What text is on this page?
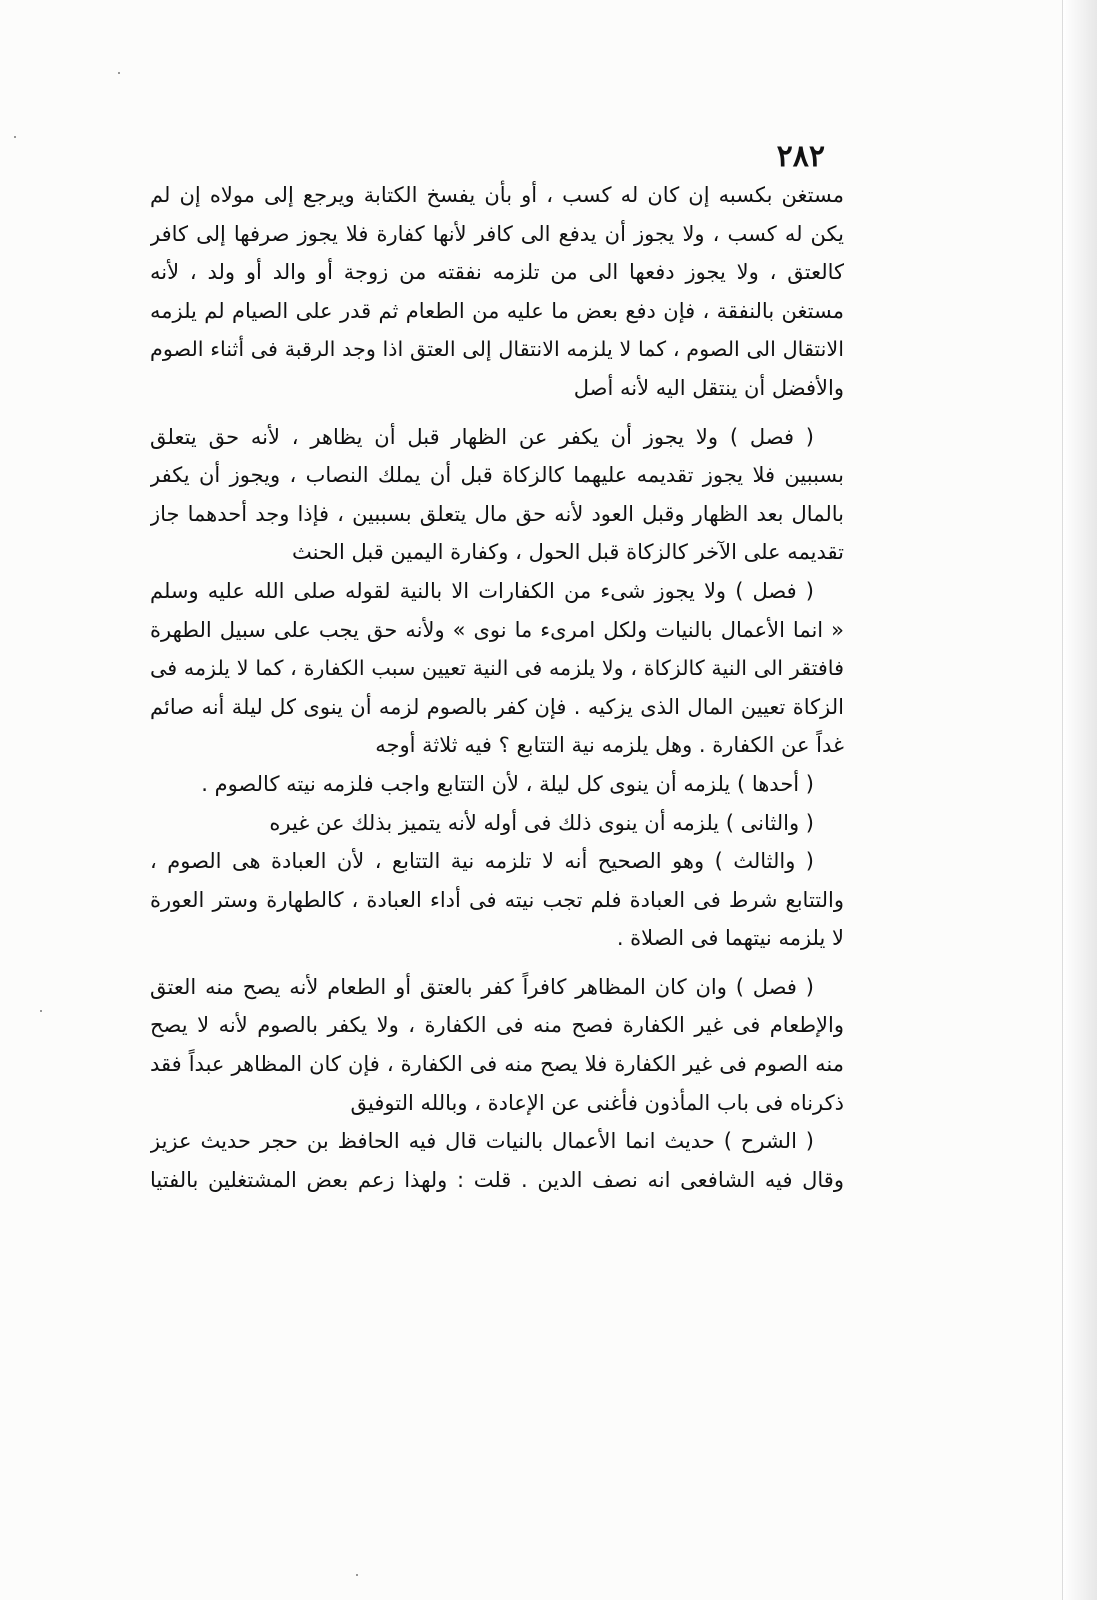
٢٨٢
مستغن بكسبه إن كان له كسب ، أو بأن يفسخ الكتابة ويرجع إلى مولاه إن لم
يكن له كسب ، ولا يجوز أن يدفع الى كافر لأنها كفارة فلا يجوز صرفها إلى كافر
كالعتق ، ولا يجوز دفعها الى من تلزمه نفقته من زوجة أو والد أو ولد ، لأنه
مستغن بالنفقة ، فإن دفع بعض ما عليه من الطعام ثم قدر على الصيام لم يلزمه
الانتقال الى الصوم ، كما لا يلزمه الانتقال إلى العتق اذا وجد الرقبة فى أثناء الصوم
والأفضل أن ينتقل اليه لأنه أصل
( فصل ) ولا يجوز أن يكفر عن الظهار قبل أن يظاهر ، لأنه حق يتعلق
بسببين فلا يجوز تقديمه عليهما كالزكاة قبل أن يملك النصاب ، ويجوز أن يكفر
بالمال بعد الظهار وقبل العود لأنه حق مال يتعلق بسببين ، فإذا وجد أحدهما جاز
تقديمه على الآخر كالزكاة قبل الحول ، وكفارة اليمين قبل الحنث
( فصل ) ولا يجوز شىء من الكفارات الا بالنية لقوله صلى الله عليه وسلم
« انما الأعمال بالنيات ولكل امرىء ما نوى » ولأنه حق يجب على سبيل الطهرة
فافتقر الى النية كالزكاة ، ولا يلزمه فى النية تعيين سبب الكفارة ، كما لا يلزمه فى
الزكاة تعيين المال الذى يزكيه . فإن كفر بالصوم لزمه أن ينوى كل ليلة أنه صائم
غداً عن الكفارة . وهل يلزمه نية التتابع ؟ فيه ثلاثة أوجه
( أحدها ) يلزمه أن ينوى كل ليلة ، لأن التتابع واجب فلزمه نيته كالصوم .
( والثانى ) يلزمه أن ينوى ذلك فى أوله لأنه يتميز بذلك عن غيره
( والثالث ) وهو الصحيح أنه لا تلزمه نية التتابع ، لأن العبادة هى الصوم ،
والتتابع شرط فى العبادة فلم تجب نيته فى أداء العبادة ، كالطهارة وستر العورة
لا يلزمه نيتهما فى الصلاة .
( فصل ) وان كان المظاهر كافراً كفر بالعتق أو الطعام لأنه يصح منه العتق
والإطعام فى غير الكفارة فصح منه فى الكفارة ، ولا يكفر بالصوم لأنه لا يصح
منه الصوم فى غير الكفارة فلا يصح منه فى الكفارة ، فإن كان المظاهر عبداً فقد
ذكرناه فى باب المأذون فأغنى عن الإعادة ، وبالله التوفيق
( الشرح ) حديث انما الأعمال بالنيات قال فيه الحافظ بن حجر حديث عزيز
وقال فيه الشافعى انه نصف الدين . قلت : ولهذا زعم بعض المشتغلين بالفتيا
